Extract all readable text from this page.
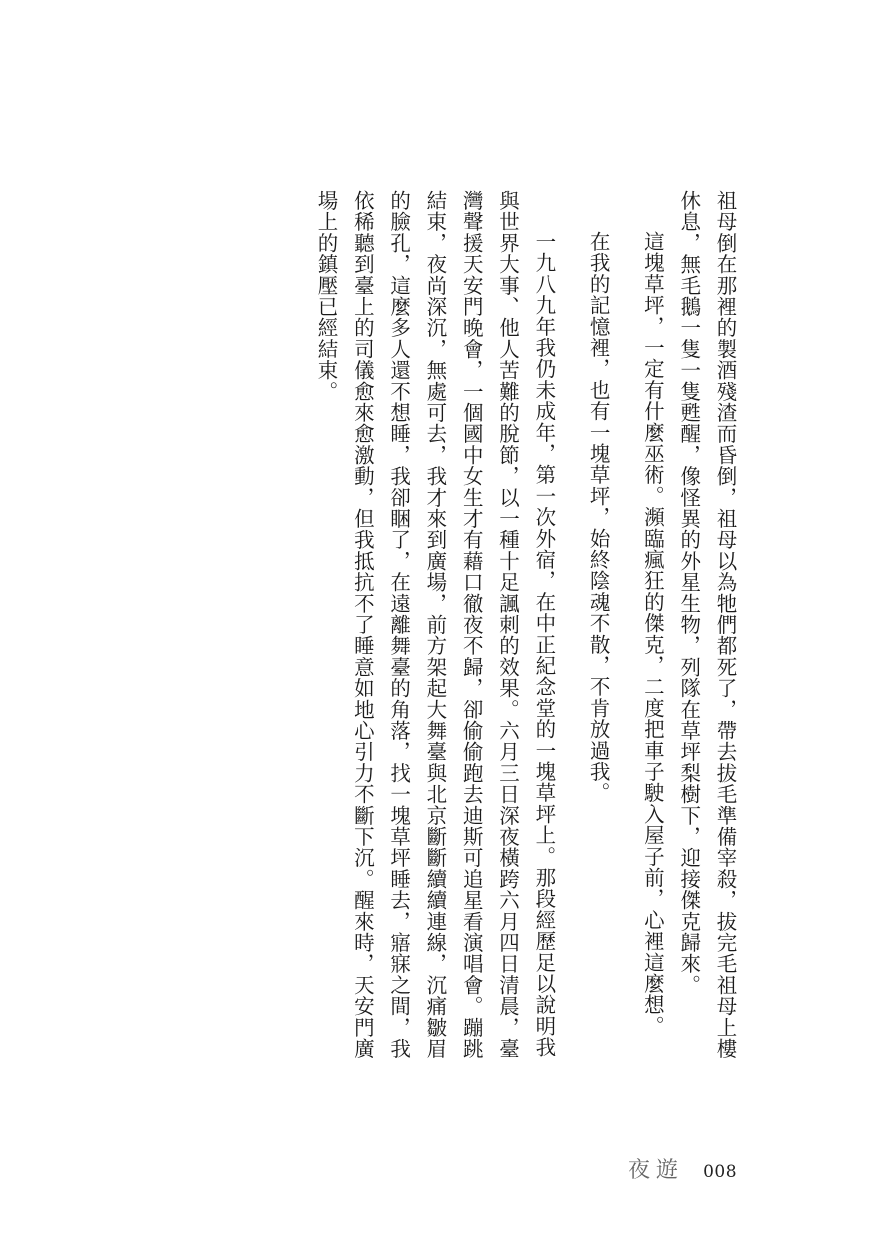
祖母倒在那裡的製酒殘渣而昏倒，祖母以為牠們都死了，帶去拔毛準備宰殺，拔完毛祖母上樓休息，無毛鵝一隻一隻甦醒，像怪異的外星生物，列隊在草坪梨樹下，迎接傑克歸來。

這塊草坪，一定有什麼巫術。瀕臨瘋狂的傑克，二度把車子駛入屋子前，心裡這麼想。

在我的記憶裡，也有一塊草坪，始終陰魂不散，不肯放過我。

一九八九年我仍未成年，第一次外宿，在中正紀念堂的一塊草坪上。那段經歷足以說明我與世界大事、他人苦難的脫節，以一種十足諷刺的效果。六月三日深夜橫跨六月四日清晨，臺灣聲援天安門晚會，一個國中女生才有藉口徹夜不歸，卻偷偷跑去迪斯可追星看演唱會。蹦跳結束，夜尚深沉，無處可去，我才來到廣場，前方架起大舞臺與北京斷斷續續連線，沉痛皺眉的臉孔，這麼多人還不想睡，我卻睏了，在遠離舞臺的角落，找一塊草坪睡去，寤寐之間，我依稀聽到臺上的司儀愈來愈激動，但我抵抗不了睡意如地心引力不斷下沉。醒來時，天安門廣場上的鎮壓已經結束。

夜遊 008
